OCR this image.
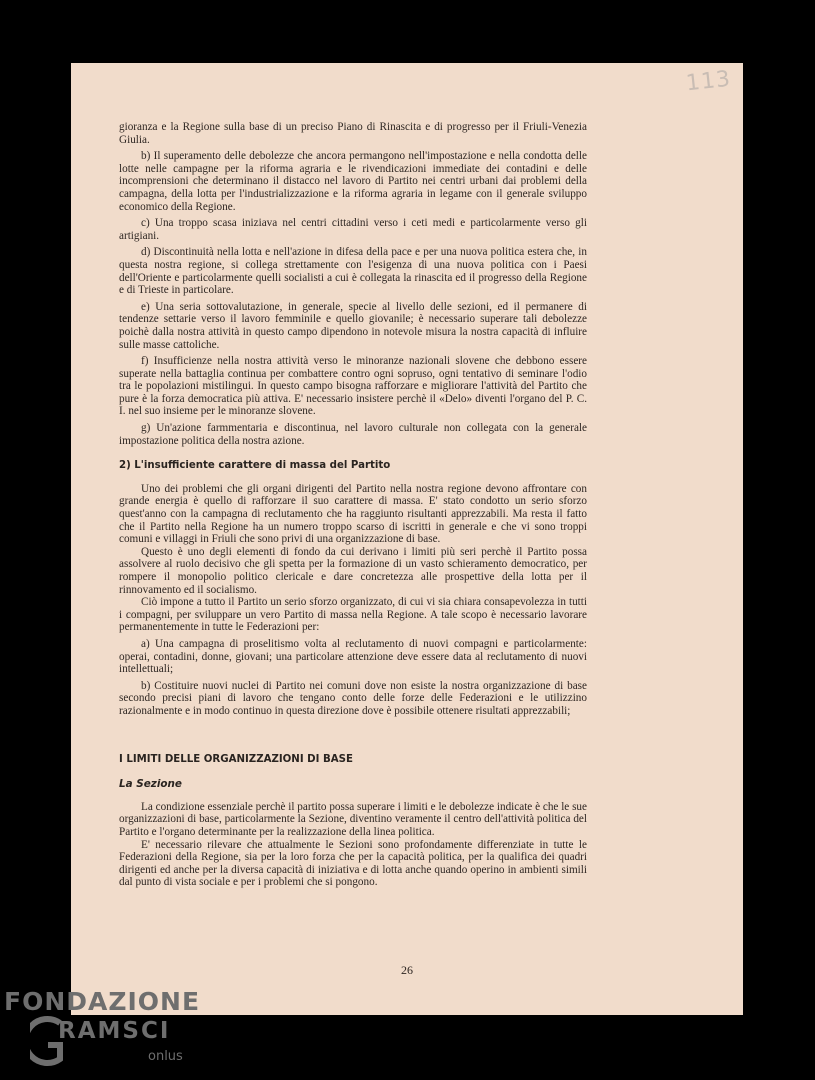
113

gioranza e la Regione sulla base di un preciso Piano di Rinascita e di progresso per il Friuli-Venezia Giulia.

b) Il superamento delle debolezze che ancora permangono nell'impostazione e nella condotta delle lotte nelle campagne per la riforma agraria e le rivendicazioni immediate dei contadini e delle incomprensioni che determinano il distacco nel lavoro di Partito nei centri urbani dai problemi della campagna, della lotta per l'industrializzazione e la riforma agraria in legame con il generale sviluppo economico della Regione.

c) Una troppo scasa iniziava nel centri cittadini verso i ceti medi e particolarmente verso gli artigiani.

d) Discontinuità nella lotta e nell'azione in difesa della pace e per una nuova politica estera che, in questa nostra regione, si collega strettamente con l'esigenza di una nuova politica con i Paesi dell'Oriente e particolarmente quelli socialisti a cui è collegata la rinascita ed il progresso della Regione e di Trieste in particolare.

e) Una seria sottovalutazione, in generale, specie al livello delle sezioni, ed il permanere di tendenze settarie verso il lavoro femminile e quello giovanile; è necessario superare tali debolezze poichè dalla nostra attività in questo campo dipendono in notevole misura la nostra capacità di influire sulle masse cattoliche.

f) Insufficienze nella nostra attività verso le minoranze nazionali slovene che debbono essere superate nella battaglia continua per combattere contro ogni sopruso, ogni tentativo di seminare l'odio tra le popolazioni mistilingui. In questo campo bisogna rafforzare e migliorare l'attività del Partito che pure è la forza democratica più attiva. E' necessario insistere perchè il «Delo» diventi l'organo del P. C. I. nel suo insieme per le minoranze slovene.

g) Un'azione farmmentaria e discontinua, nel lavoro culturale non collegata con la generale impostazione politica della nostra azione.

2) L'insufficiente carattere di massa del Partito

Uno dei problemi che gli organi dirigenti del Partito nella nostra regione devono affrontare con grande energia è quello di rafforzare il suo carattere di massa. E' stato condotto un serio sforzo quest'anno con la campagna di reclutamento che ha raggiunto risultanti apprezzabili. Ma resta il fatto che il Partito nella Regione ha un numero troppo scarso di iscritti in generale e che vi sono troppi comuni e villaggi in Friuli che sono privi di una organizzazione di base.

Questo è uno degli elementi di fondo da cui derivano i limiti più seri perchè il Partito possa assolvere al ruolo decisivo che gli spetta per la formazione di un vasto schieramento democratico, per rompere il monopolio politico clericale e dare concretezza alle prospettive della lotta per il rinnovamento ed il socialismo.

Ciò impone a tutto il Partito un serio sforzo organizzato, di cui vi sia chiara consapevolezza in tutti i compagni, per sviluppare un vero Partito di massa nella Regione. A tale scopo è necessario lavorare permanentemente in tutte le Federazioni per:

a) Una campagna di proselitismo volta al reclutamento di nuovi compagni e particolarmente: operai, contadini, donne, giovani; una particolare attenzione deve essere data al reclutamento di nuovi intellettuali;

b) Costituire nuovi nuclei di Partito nei comuni dove non esiste la nostra organizzazione di base secondo precisi piani di lavoro che tengano conto delle forze delle Federazioni e le utilizzino razionalmente e in modo continuo in questa direzione dove è possibile ottenere risultati apprezzabili;

I LIMITI DELLE ORGANIZZAZIONI DI BASE
La Sezione

La condizione essenziale perchè il partito possa superare i limiti e le debolezze indicate è che le sue organizzazioni di base, particolarmente la Sezione, diventino veramente il centro dell'attività politica del Partito e l'organo determinante per la realizzazione della linea politica.

E' necessario rilevare che attualmente le Sezioni sono profondamente differenziate in tutte le Federazioni della Regione, sia per la loro forza che per la capacità politica, per la qualifica dei quadri dirigenti ed anche per la diversa capacità di iniziativa e di lotta anche quando operino in ambienti simili dal punto di vista sociale e per i problemi che si pongono.

26
FONDAZIONE
RAMSCI
onlus
